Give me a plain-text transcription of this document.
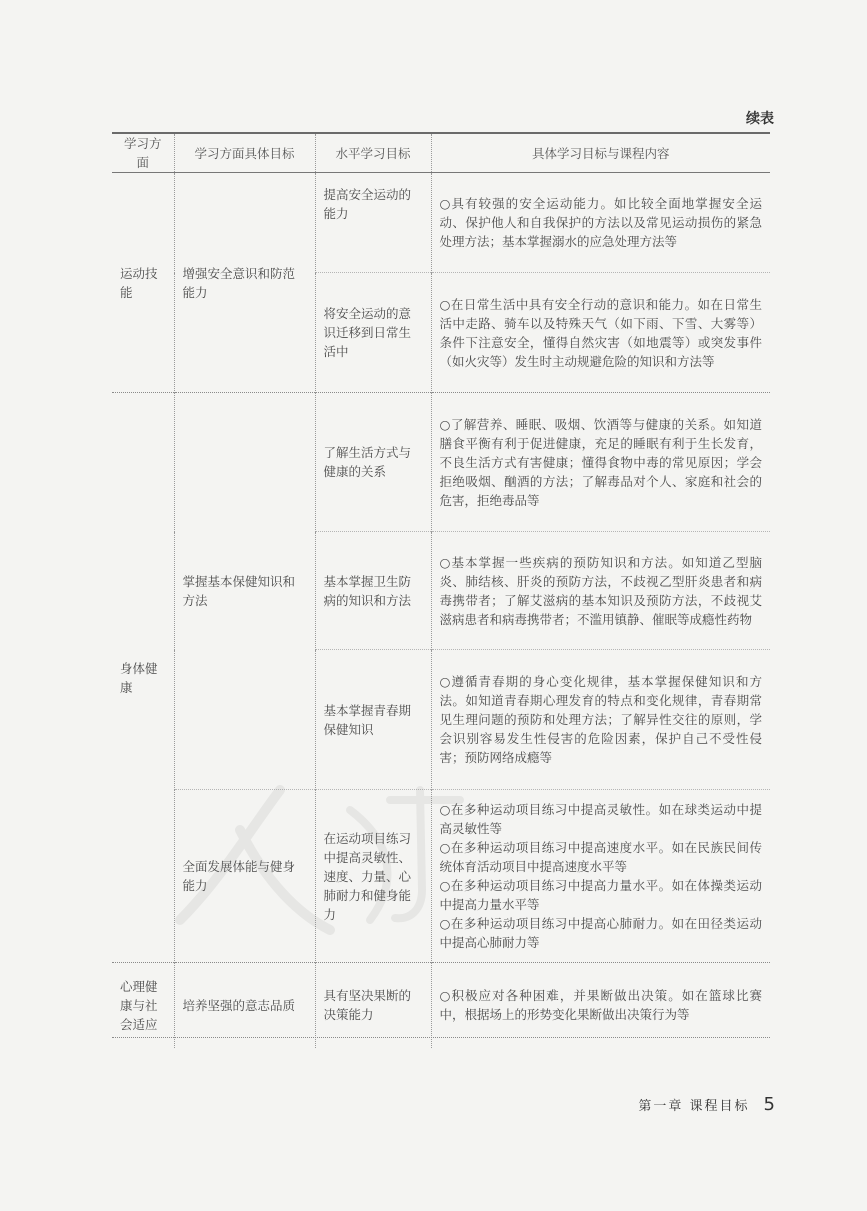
续表
学习方面	学习方面具体目标	水平学习目标	具体学习目标与课程内容
运动技能	增强安全意识和防范能力	提高安全运动的能力	○具有较强的安全运动能力。如比较全面地掌握安全运动、保护他人和自我保护的方法以及常见运动损伤的紧急处理方法；基本掌握溺水的应急处理方法等
		将安全运动的意识迁移到日常生活中	○在日常生活中具有安全行动的意识和能力。如在日常生活中走路、骑车以及特殊天气（如下雨、下雪、大雾等）条件下注意安全，懂得自然灾害（如地震等）或突发事件（如火灾等）发生时主动规避危险的知识和方法等
身体健康	掌握基本保健知识和方法	了解生活方式与健康的关系	○了解营养、睡眠、吸烟、饮酒等与健康的关系。如知道膳食平衡有利于促进健康，充足的睡眠有利于生长发育，不良生活方式有害健康；懂得食物中毒的常见原因；学会拒绝吸烟、酗酒的方法；了解毒品对个人、家庭和社会的危害，拒绝毒品等
		基本掌握卫生防病的知识和方法	○基本掌握一些疾病的预防知识和方法。如知道乙型脑炎、肺结核、肝炎的预防方法，不歧视乙型肝炎患者和病毒携带者；了解艾滋病的基本知识及预防方法，不歧视艾滋病患者和病毒携带者；不滥用镇静、催眠等成瘾性药物
		基本掌握青春期保健知识	○遵循青春期的身心变化规律，基本掌握保健知识和方法。如知道青春期心理发育的特点和变化规律，青春期常见生理问题的预防和处理方法；了解异性交往的原则，学会识别容易发生性侵害的危险因素，保护自己不受性侵害；预防网络成瘾等
	全面发展体能与健身能力	在运动项目练习中提高灵敏性、速度、力量、心肺耐力和健身能力	○在多种运动项目练习中提高灵敏性。如在球类运动中提高灵敏性等
○在多种运动项目练习中提高速度水平。如在民族民间传统体育活动项目中提高速度水平等
○在多种运动项目练习中提高力量水平。如在体操类运动中提高力量水平等
○在多种运动项目练习中提高心肺耐力。如在田径类运动中提高心肺耐力等

心理健康与社会适应	培养坚强的意志品质	具有坚决果断的决策能力	○积极应对各种困难，并果断做出决策。如在篮球比赛中，根据场上的形势变化果断做出决策行为等
第一章 课程目标 5
